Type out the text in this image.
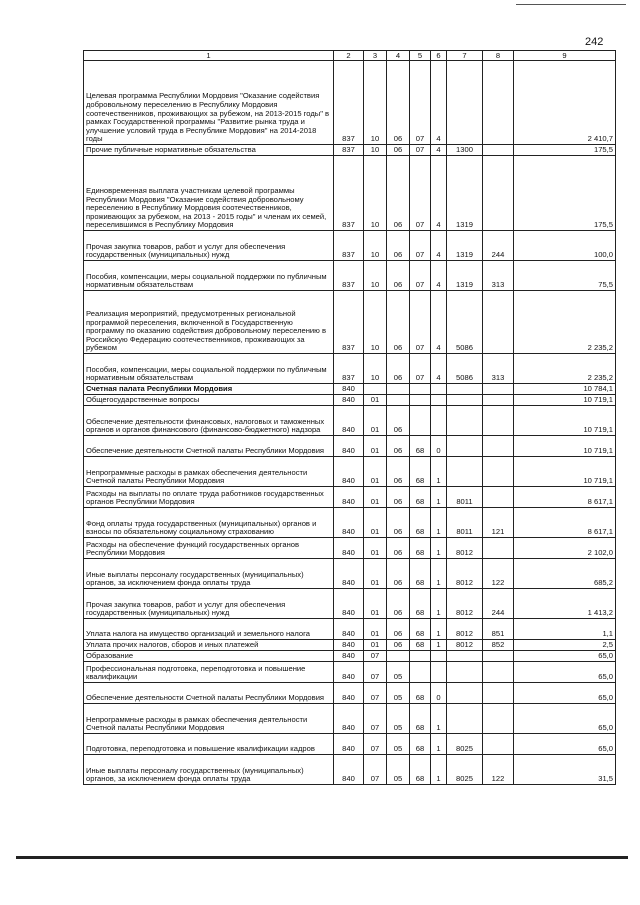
242
1	2	3	4	5	6	7	8	9
Целевая программа Республики Мордовия "Оказание содействия добровольному переселению в Республику Мордовия соотечественников, проживающих за рубежом, на 2013-2015 годы" в рамках Государственной программы "Развитие рынка труда и улучшение условий труда в Республике Мордовия" на 2014-2018 годы	837	10	06	07	4			2 410,7
Прочие публичные нормативные обязательства	837	10	06	07	4	1300		175,5
Единовременная выплата участникам целевой программы Республики Мордовия "Оказание содействия добровольному переселению в Республику Мордовия соотечественников, проживающих за рубежом, на 2013 - 2015 годы" и членам их семей, переселившимся в Республику Мордовия	837	10	06	07	4	1319		175,5
Прочая закупка товаров, работ и услуг для обеспечения государственных (муниципальных) нужд	837	10	06	07	4	1319	244	100,0
Пособия, компенсации, меры социальной поддержки по публичным нормативным обязательствам	837	10	06	07	4	1319	313	75,5
Реализация мероприятий, предусмотренных региональной программой переселения, включенной в Государственную программу по оказанию содействия добровольному переселению в Российскую Федерацию соотечественников, проживающих за рубежом	837	10	06	07	4	5086		2 235,2
Пособия, компенсации, меры социальной поддержки по публичным нормативным обязательствам	837	10	06	07	4	5086	313	2 235,2
Счетная палата Республики Мордовия	840							10 784,1
Общегосударственные вопросы	840	01						10 719,1
Обеспечение деятельности финансовых, налоговых и таможенных органов и органов финансового (финансово-бюджетного) надзора	840	01	06					10 719,1
Обеспечение деятельности Счетной палаты Республики Мордовия	840	01	06	68	0			10 719,1
Непрограммные расходы в рамках обеспечения деятельности Счетной палаты Республики Мордовия	840	01	06	68	1			10 719,1
Расходы на выплаты по оплате труда работников государственных органов Республики Мордовия	840	01	06	68	1	8011		8 617,1
Фонд оплаты труда государственных (муниципальных) органов и взносы по обязательному социальному страхованию	840	01	06	68	1	8011	121	8 617,1
Расходы на обеспечение функций государственных органов Республики Мордовия	840	01	06	68	1	8012		2 102,0
Иные выплаты персоналу государственных (муниципальных) органов, за исключением фонда оплаты труда	840	01	06	68	1	8012	122	685,2
Прочая закупка товаров, работ и услуг для обеспечения государственных (муниципальных) нужд	840	01	06	68	1	8012	244	1 413,2
Уплата налога на имущество организаций и земельного налога	840	01	06	68	1	8012	851	1,1
Уплата прочих налогов, сборов и иных платежей	840	01	06	68	1	8012	852	2,5
Образование	840	07						65,0
Профессиональная подготовка, переподготовка и повышение квалификации	840	07	05					65,0
Обеспечение деятельности Счетной палаты Республики Мордовия	840	07	05	68	0			65,0
Непрограммные расходы в рамках обеспечения деятельности Счетной палаты Республики Мордовия	840	07	05	68	1			65,0
Подготовка, переподготовка и повышение квалификации кадров	840	07	05	68	1	8025		65,0
Иные выплаты персоналу государственных (муниципальных) органов, за исключением фонда оплаты труда	840	07	05	68	1	8025	122	31,5
